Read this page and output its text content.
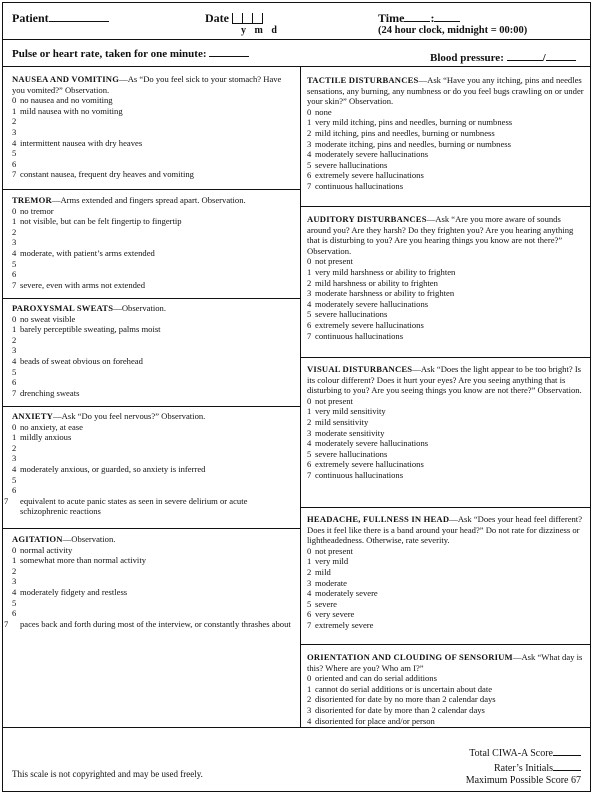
Patient	Date
y m d
Time :
(24 hour clock, midnight = 00:00)
Pulse or heart rate, taken for one minute:	Blood pressure:	/
NAUSEA AND VOMITING—As “Do you feel sick to your stomach? Have you vomited?” Observation.
0 no nausea and no vomiting
1 mild nausea with no vomiting
2
3
4 intermittent nausea with dry heaves
5
6
7 constant nausea, frequent dry heaves and vomiting
TREMOR—Arms extended and fingers spread apart. Observation.
0 no tremor
1 not visible, but can be felt fingertip to fingertip
2
3
4 moderate, with patient’s arms extended
5
6
7 severe, even with arms not extended
PAROXYSMAL SWEATS—Observation.
0 no sweat visible
1 barely perceptible sweating, palms moist
2
3
4 beads of sweat obvious on forehead
5
6
7 drenching sweats
ANXIETY—Ask “Do you feel nervous?” Observation.
0 no anxiety, at ease
1 mildly anxious
2
3
4 moderately anxious, or guarded, so anxiety is inferred
5
6
7 equivalent to acute panic states as seen in severe delirium or acute schizophrenic reactions
AGITATION—Observation.
0 normal activity
1 somewhat more than normal activity
2
3
4 moderately fidgety and restless
5
6
7 paces back and forth during most of the interview, or constantly thrashes about
TACTILE DISTURBANCES—Ask “Have you any itching, pins and needles sensations, any burning, any numbness or do you feel bugs crawling on or under your skin?” Observation.
0 none
1 very mild itching, pins and needles, burning or numbness
2 mild itching, pins and needles, burning or numbness
3 moderate itching, pins and needles, burning or numbness
4 moderately severe hallucinations
5 severe hallucinations
6 extremely severe hallucinations
7 continuous hallucinations
AUDITORY DISTURBANCES—Ask “Are you more aware of sounds around you? Are they harsh? Do they frighten you? Are you hearing anything that is disturbing to you? Are you hearing things you know are not there?” Observation.
0 not present
1 very mild harshness or ability to frighten
2 mild harshness or ability to frighten
3 moderate harshness or ability to frighten
4 moderately severe hallucinations
5 severe hallucinations
6 extremely severe hallucinations
7 continuous hallucinations
VISUAL DISTURBANCES—Ask “Does the light appear to be too bright? Is its colour different? Does it hurt your eyes? Are you seeing anything that is disturbing to you? Are you seeing things you know are not there?” Observation.
0 not present
1 very mild sensitivity
2 mild sensitivity
3 moderate sensitivity
4 moderately severe hallucinations
5 severe hallucinations
6 extremely severe hallucinations
7 continuous hallucinations
HEADACHE, FULLNESS IN HEAD—Ask “Does your head feel different? Does it feel like there is a band around your head?” Do not rate for dizziness or lightheadedness. Otherwise, rate severity.
0 not present
1 very mild
2 mild
3 moderate
4 moderately severe
5 severe
6 very severe
7 extremely severe
ORIENTATION AND CLOUDING OF SENSORIUM—Ask “What day is this? Where are you? Who am I?”
0 oriented and can do serial additions
1 cannot do serial additions or is uncertain about date
2 disoriented for date by no more than 2 calendar days
3 disoriented for date by more than 2 calendar days
4 disoriented for place and/or person
This scale is not copyrighted and may be used freely.
Total CIWA-A Score
Rater’s Initials
Maximum Possible Score 67
